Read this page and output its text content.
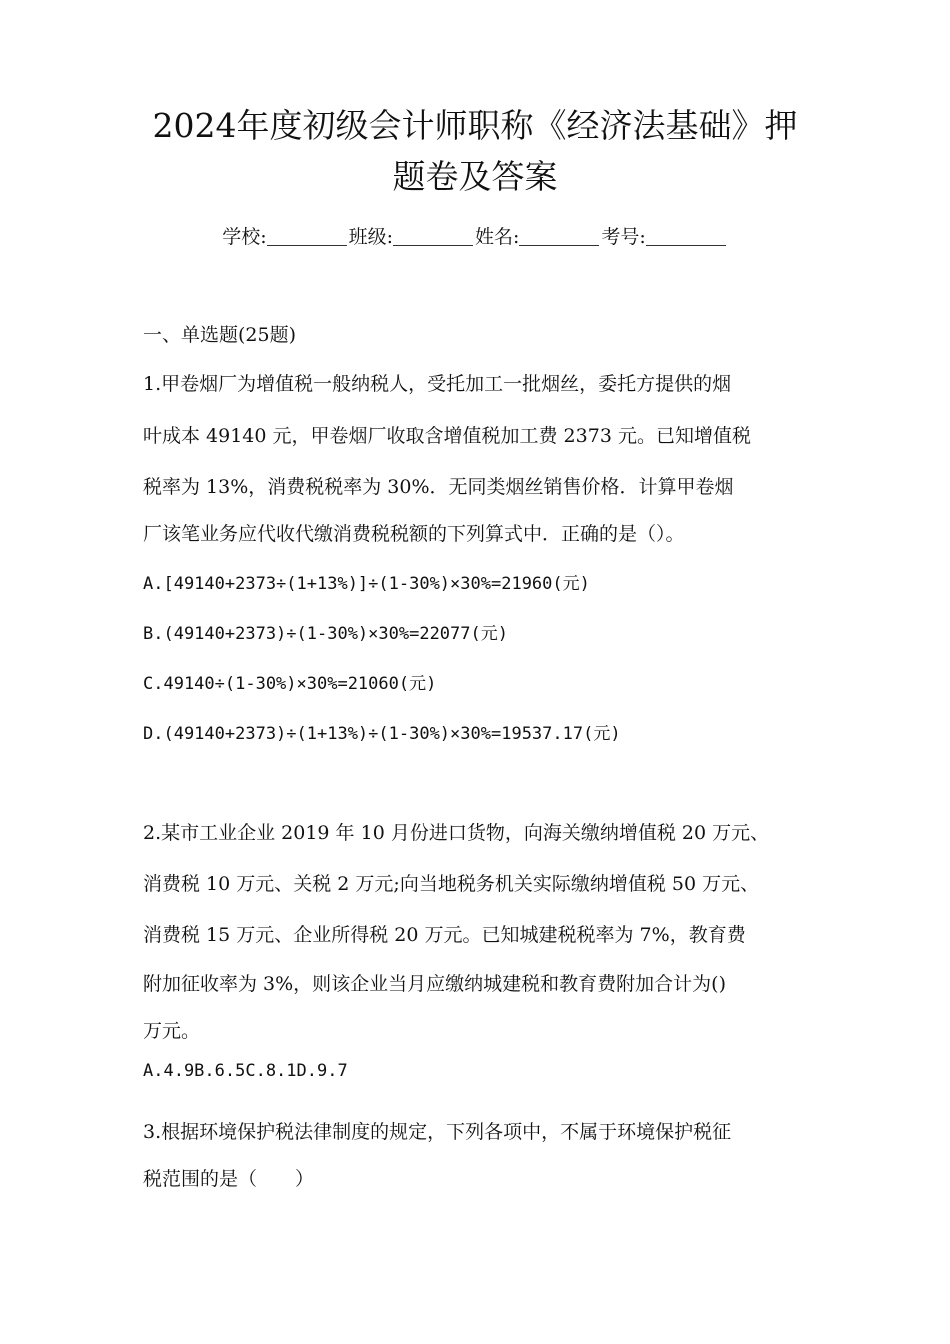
2024年度初级会计师职称《经济法基础》押
题卷及答案
学校:	班级:	姓名:	考号:
一、单选题(25题)
1.甲卷烟厂为增值税一般纳税人，受托加工一批烟丝，委托方提供的烟
叶成本 49140 元，甲卷烟厂收取含增值税加工费 2373 元。已知增值税
税率为 13%，消费税税率为 30%．无同类烟丝销售价格．计算甲卷烟
厂该笔业务应代收代缴消费税税额的下列算式中．正确的是（）。
A.[49140+2373÷(1+13%)]÷(1-30%)×30%=21960(元)
B.(49140+2373)÷(1-30%)×30%=22077(元)
C.49140÷(1-30%)×30%=21060(元)
D.(49140+2373)÷(1+13%)÷(1-30%)×30%=19537.17(元)
2.某市工业企业 2019 年 10 月份进口货物，向海关缴纳增值税 20 万元、
消费税 10 万元、关税 2 万元;向当地税务机关实际缴纳增值税 50 万元、
消费税 15 万元、企业所得税 20 万元。已知城建税税率为 7%，教育费
附加征收率为 3%，则该企业当月应缴纳城建税和教育费附加合计为()
万元。
A.4.9B.6.5C.8.1D.9.7
3.根据环境保护税法律制度的规定，下列各项中，不属于环境保护税征
税范围的是（　　）
